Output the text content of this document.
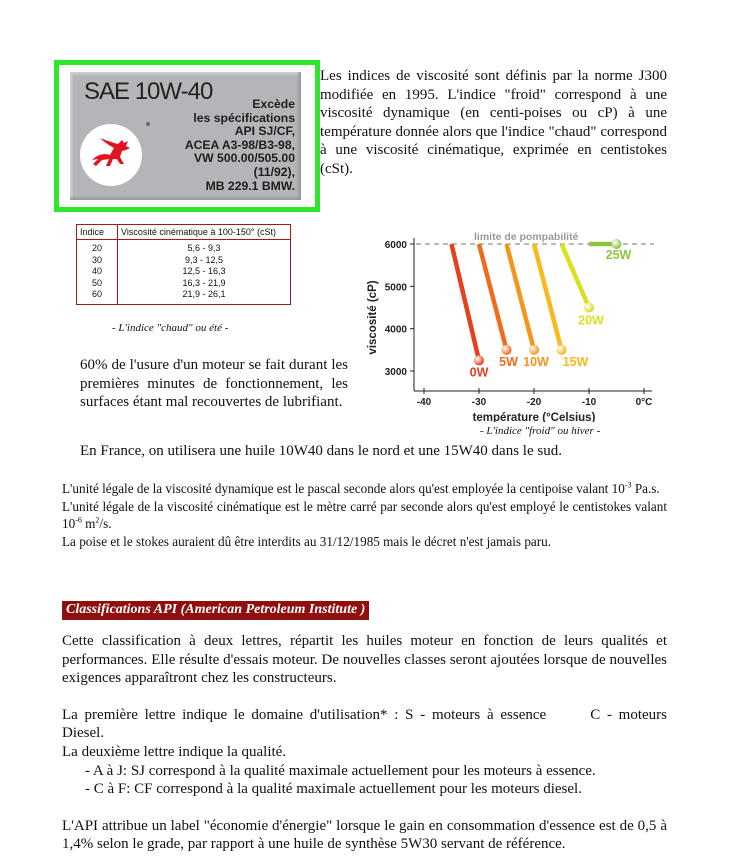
SAE 10W-40	Excède
les spécifications
API SJ/CF,
ACEA A3-98/B3-98,
VW 500.00/505.00
(11/92),
MB 229.1 BMW.
Les indices de viscosité sont définis par la norme J300 modifiée en 1995. L'indice "froid" correspond à une viscosité dynamique (en centi-poises ou cP) à une température donnée alors que l'indice "chaud" correspond à une viscosité cinématique, exprimée en centistokes (cSt).
Indice	Viscosité cinématique à 100-150° (cSt)
20	5,6 - 9,3
30	9,3 - 12,5
40	12,5 - 16,3
50	16,3 - 21,9
60	21,9 - 26,1
- L'indice "chaud" ou été -
60% de l'usure d'un moteur se fait durant les premières minutes de fonctionnement, les surfaces étant mal recouvertes de lubrifiant.
3000
4000
5000
6000
-40	-30	-20	-10	0°C
température (°Celsius)
viscosité (cP)
limite de pompabilité
0W
5W 10W 15W
20W
25W
- L'indice "froid" ou hiver -
En France, on utilisera une huile 10W40 dans le nord et une 15W40 dans le sud.

L'unité légale de la viscosité dynamique est le pascal seconde alors qu'est employée la centipoise valant $10^{-3}$ Pa.s.

L'unité légale de la viscosité cinématique est le mètre carré par seconde alors qu'est employé le centistokes valant $10^{-6}$ $m^2/s$.

La poise et le stokes auraient dû être interdits au 31/12/1985 mais le décret n'est jamais paru.

Classifications API (American Petroleum Institute )

Cette classification à deux lettres, répartit les huiles moteur en fonction de leurs qualités et performances. Elle résulte d'essais moteur. De nouvelles classes seront ajoutées lorsque de nouvelles exigences apparaîtront chez les constructeurs.

La première lettre indique le domaine d'utilisation* : S - moteurs à essence	C - moteurs Diesel.

La deuxième lettre indique la qualité.

- A à J: SJ correspond à la qualité maximale actuellement pour les moteurs à essence.

- C à F: CF correspond à la qualité maximale actuellement pour les moteurs diesel.

L'API attribue un label "économie d'énergie" lorsque le gain en consommation d'essence est de 0,5 à 1,4% selon le grade, par rapport à une huile de synthèse 5W30 servant de référence.
